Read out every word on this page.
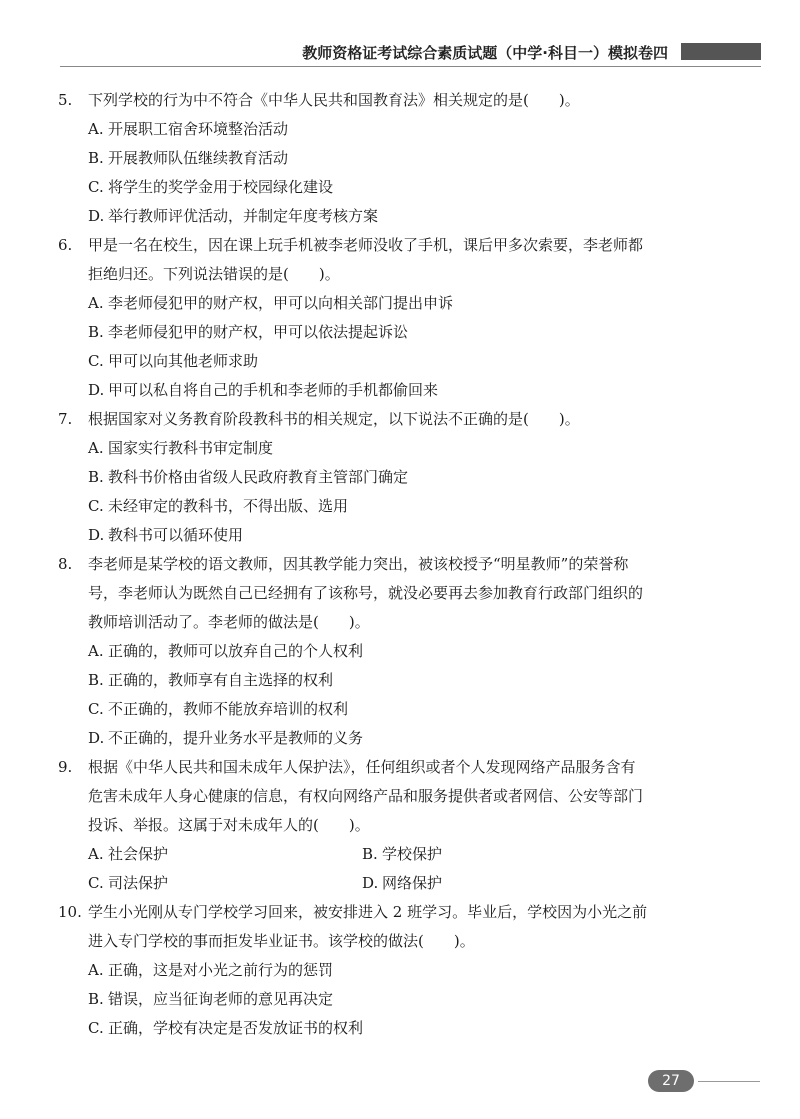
教师资格证考试综合素质试题（中学·科目一）模拟卷四
5.	下列学校的行为中不符合《中华人民共和国教育法》相关规定的是(　　)。
A. 开展职工宿舍环境整治活动
B. 开展教师队伍继续教育活动
C. 将学生的奖学金用于校园绿化建设
D. 举行教师评优活动，并制定年度考核方案
6.	甲是一名在校生，因在课上玩手机被李老师没收了手机，课后甲多次索要，李老师都
拒绝归还。下列说法错误的是(　　)。
A. 李老师侵犯甲的财产权，甲可以向相关部门提出申诉
B. 李老师侵犯甲的财产权，甲可以依法提起诉讼
C. 甲可以向其他老师求助
D. 甲可以私自将自己的手机和李老师的手机都偷回来
7.	根据国家对义务教育阶段教科书的相关规定，以下说法不正确的是(　　)。
A. 国家实行教科书审定制度
B. 教科书价格由省级人民政府教育主管部门确定
C. 未经审定的教科书，不得出版、选用
D. 教科书可以循环使用
8.	李老师是某学校的语文教师，因其教学能力突出，被该校授予“明星教师”的荣誉称
号，李老师认为既然自己已经拥有了该称号，就没必要再去参加教育行政部门组织的
教师培训活动了。李老师的做法是(　　)。
A. 正确的，教师可以放弃自己的个人权利
B. 正确的，教师享有自主选择的权利
C. 不正确的，教师不能放弃培训的权利
D. 不正确的，提升业务水平是教师的义务
9.	根据《中华人民共和国未成年人保护法》，任何组织或者个人发现网络产品服务含有
危害未成年人身心健康的信息，有权向网络产品和服务提供者或者网信、公安等部门
投诉、举报。这属于对未成年人的(　　)。
A. 社会保护	B. 学校保护
C. 司法保护	D. 网络保护
10. 学生小光刚从专门学校学习回来，被安排进入 2 班学习。毕业后，学校因为小光之前
进入专门学校的事而拒发毕业证书。该学校的做法(　　)。
A. 正确，这是对小光之前行为的惩罚
B. 错误，应当征询老师的意见再决定
C. 正确，学校有决定是否发放证书的权利
27
